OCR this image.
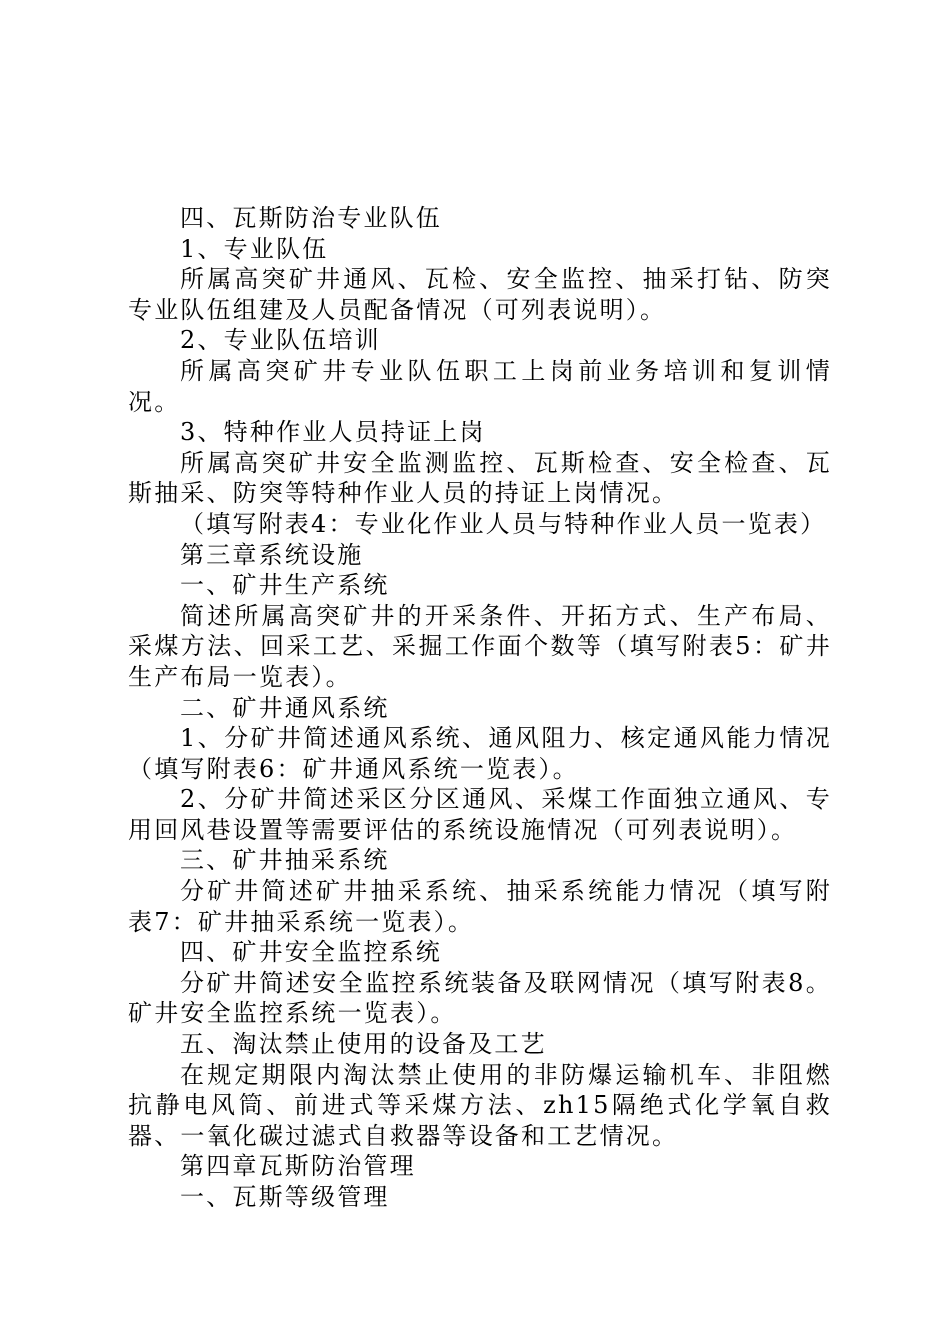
四、瓦斯防治专业队伍

1、专业队伍

所属高突矿井通风、瓦检、安全监控、抽采打钻、防突专业队伍组建及人员配备情况（可列表说明）。

2、专业队伍培训

所属高突矿井专业队伍职工上岗前业务培训和复训情况。

3、特种作业人员持证上岗

所属高突矿井安全监测监控、瓦斯检查、安全检查、瓦斯抽采、防突等特种作业人员的持证上岗情况。

（填写附表4：专业化作业人员与特种作业人员一览表）

第三章系统设施

一、矿井生产系统

简述所属高突矿井的开采条件、开拓方式、生产布局、采煤方法、回采工艺、采掘工作面个数等（填写附表5：矿井生产布局一览表）。

二、矿井通风系统

1、分矿井简述通风系统、通风阻力、核定通风能力情况（填写附表6：矿井通风系统一览表）。

2、分矿井简述采区分区通风、采煤工作面独立通风、专用回风巷设置等需要评估的系统设施情况（可列表说明）。

三、矿井抽采系统

分矿井简述矿井抽采系统、抽采系统能力情况（填写附表7：矿井抽采系统一览表）。

四、矿井安全监控系统

分矿井简述安全监控系统装备及联网情况（填写附表8。矿井安全监控系统一览表）。

五、淘汰禁止使用的设备及工艺

在规定期限内淘汰禁止使用的非防爆运输机车、非阻燃抗静电风筒、前进式等采煤方法、zh15隔绝式化学氧自救器、一氧化碳过滤式自救器等设备和工艺情况。

第四章瓦斯防治管理

一、瓦斯等级管理
